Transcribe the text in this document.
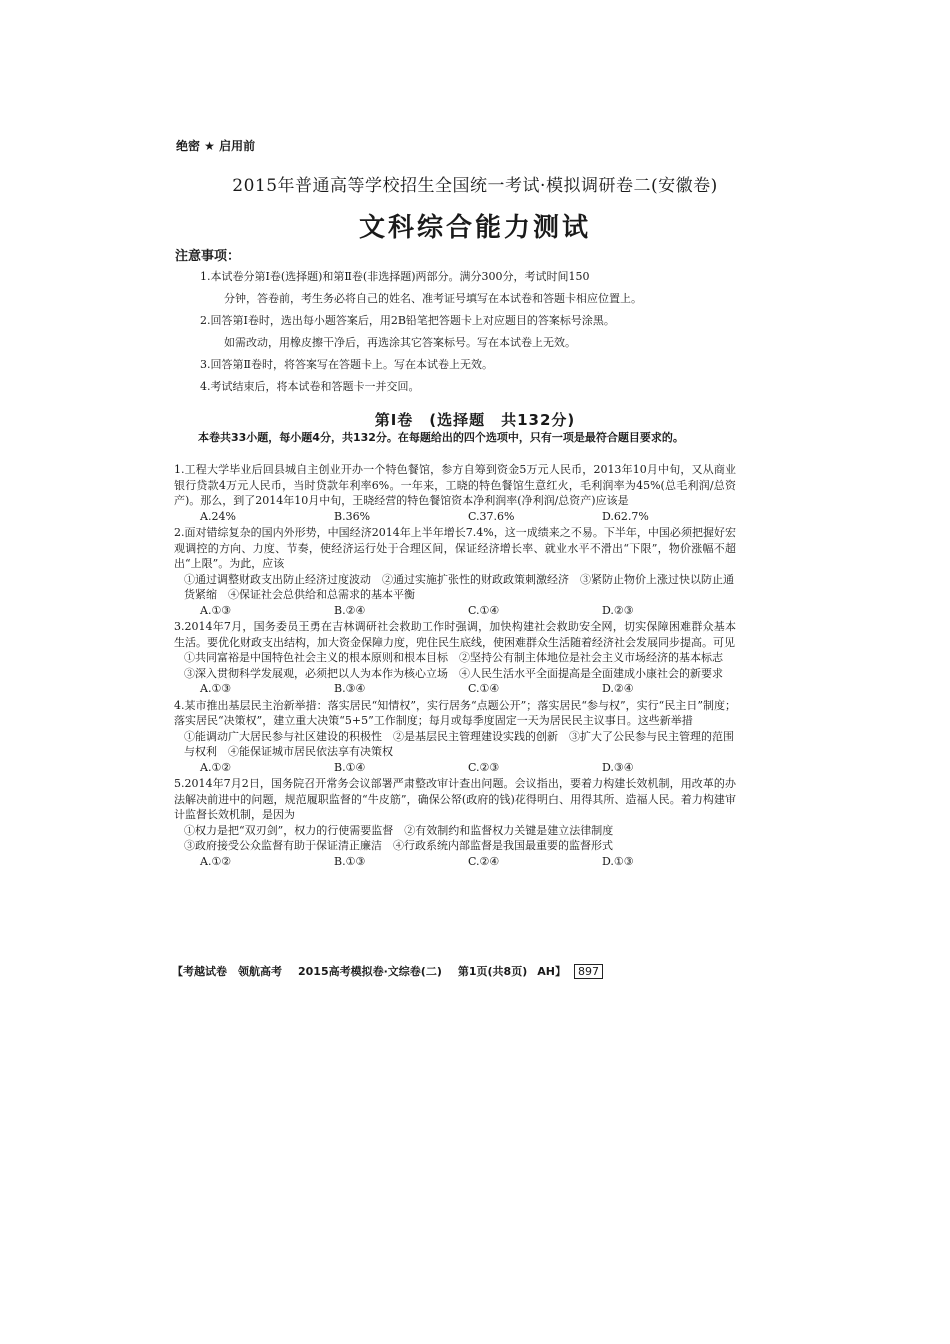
绝密 ★ 启用前
2015年普通高等学校招生全国统一考试·模拟调研卷二(安徽卷)
文科综合能力测试
注意事项：

1.本试卷分第Ⅰ卷(选择题)和第Ⅱ卷(非选择题)两部分。满分300分，考试时间150

分钟，答卷前，考生务必将自己的姓名、准考证号填写在本试卷和答题卡相应位置上。

2.回答第Ⅰ卷时，选出每小题答案后，用2B铅笔把答题卡上对应题目的答案标号涂黑。

如需改动，用橡皮擦干净后，再选涂其它答案标号。写在本试卷上无效。

3.回答第Ⅱ卷时，将答案写在答题卡上。写在本试卷上无效。

4.考试结束后，将本试卷和答题卡一并交回。

第Ⅰ卷　(选择题　共132分)
本卷共33小题，每小题4分，共132分。在每题给出的四个选项中，只有一项是最符合题目要求的。

1.工程大学毕业后回县城自主创业开办一个特色餐馆，参方自筹到资金5万元人民币，2013年10月中旬，又从商业银行贷款4万元人民币，当时贷款年利率6%。一年来，工晓的特色餐馆生意红火，毛利润率为45%(总毛利润/总资产)。那么，到了2014年10月中旬，王晓经营的特色餐馆资本净利润率(净利润/总资产)应该是

A.24%	B.36%	C.37.6%	D.62.7%

2.面对错综复杂的国内外形势，中国经济2014年上半年增长7.4%，这一成绩来之不易。下半年，中国必须把握好宏观调控的方向、力度、节奏，使经济运行处于合理区间，保证经济增长率、就业水平不滑出“下限”，物价涨幅不超出“上限”。为此，应该

①通过调整财政支出防止经济过度波动　②通过实施扩张性的财政政策刺激经济　③紧防止物价上涨过快以防止通货紧缩　④保证社会总供给和总需求的基本平衡

A.①③	B.②④	C.①④	D.②③

3.2014年7月，国务委员王勇在吉林调研社会救助工作时强调，加快构建社会救助安全网，切实保障困难群众基本生活。要优化财政支出结构，加大资金保障力度，兜住民生底线，使困难群众生活随着经济社会发展同步提高。可见

①共同富裕是中国特色社会主义的根本原则和根本目标　②坚持公有制主体地位是社会主义市场经济的基本标志　③深入贯彻科学发展观，必须把以人为本作为核心立场　④人民生活水平全面提高是全面建成小康社会的新要求

A.①③	B.③④	C.①④	D.②④

4.某市推出基层民主治新举措：落实居民“知情权”，实行居务“点题公开”；落实居民“参与权”，实行“民主日”制度；落实居民“决策权”，建立重大决策“5+5”工作制度；每月或每季度固定一天为居民民主议事日。这些新举措

①能调动广大居民参与社区建设的积极性　②是基层民主管理建设实践的创新　③扩大了公民参与民主管理的范围与权利　④能保证城市居民依法享有决策权

A.①②	B.①④	C.②③	D.③④

5.2014年7月2日，国务院召开常务会议部署严肃整改审计查出问题。会议指出，要着力构建长效机制，用改革的办法解决前进中的问题，规范履职监督的“牛皮筋”，确保公帑(政府的钱)花得明白、用得其所、造福人民。着力构建审计监督长效机制，是因为

①权力是把“双刃剑”，权力的行使需要监督　②有效制约和监督权力关键是建立法律制度

③政府接受公众监督有助于保证清正廉洁　④行政系统内部监督是我国最重要的监督形式

A.①②	B.①③	C.②④	D.①③
【考越试卷　领航高考 2015高考模拟卷·文综卷(二) 第1页(共8页) AH】	897
